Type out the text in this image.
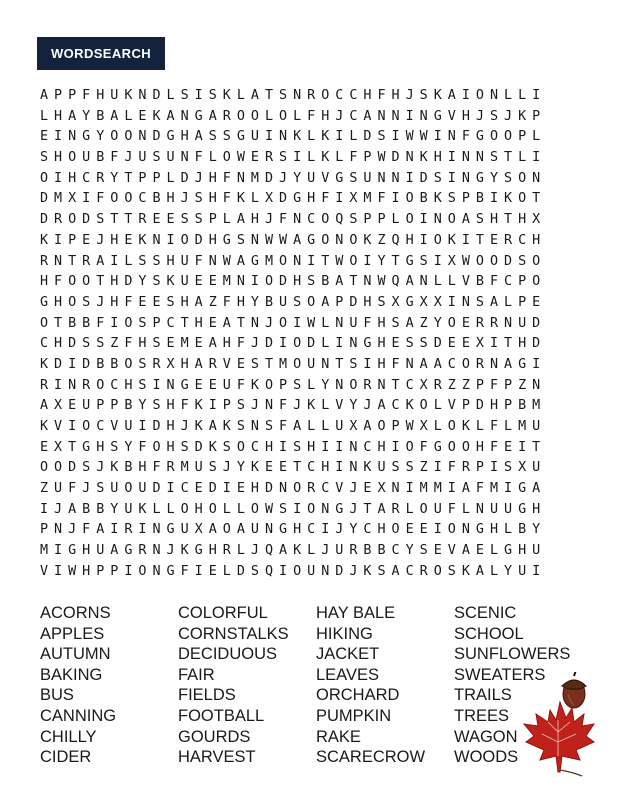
WORDSEARCH
APPFHUKNDLSISKLATSNROCCHFHJSKAIONLLI
LHAYBALEKANGAROOLOLFHJCANNINGVHJSJKP
EINGYOONDGHASSGUINKLKILDSIWWINFGOOPL
SHOUBFJUSUNFLOWERSILKLFPWDNKHINNSTLI
OIHCRYTPPLDJHFNMDJYUVGSUNNIDSINGYSON
DMXIFOOCBHJSHFKLXDGHFIXMFIOBKSPBIKOT
DRODSTTREESSPLAHJFNCOQSPPLOINOASHTHX
KIPEJHEKNIODHGSNWWAGONOKZQHIOKITERCH
RNTRAILSSHUFNWAGMONITWOIYTGSIXWOODSO
HFOOTHDYSKUEEMNIODHSBATNWQANLLVBFCPO
GHOSJHFEESHAZFHYBUSOAPDHSXGXXINSALPE
OTBBFIOSPCTHEATNJOIWLNUFHSAZYOERRNUD
CHDSSZFHSEMEAHFJDIODLINGHESSDEEXITHD
KDIDBBOSRXHARVESTMOUNTSIHFNAACORNAGI
RINROCHSINGEEUFKOPSLYNORNTCXRZZPFPZN
AXEUPPBYSHFKIPSJNFJKLVYJACKOLVPDHPBM
KVIOCVUIDHJKAKSNSFALLUXAOPWXLOKLFLMU
EXTGHSYFOHSDKSOCHISHIINCHIOFGOOHFEIT
OODSJKBHFRMUSJYKEETCHINKUSSZIFRPISXU
ZUFJSUOUDICEDIEHDNORCVJEXNIMMIAFMIGA
IJABBYUKLLOHOLLOWSIONGJTARLOUFLNUUGH
PNJFAIRINGUXAOAUNGHCIJYCHOEEIONGHLBY
MIGHUAGRNJKGHRLJQAKLJURBBCYSEVAELGHU
VIWHPPIONGFIELDSQIOUNDJKSACROSKALYUI
ACORNS
APPLES
AUTUMN
BAKING
BUS
CANNING
CHILLY
CIDER
COLORFUL
CORNSTALKS
DECIDUOUS
FAIR
FIELDS
FOOTBALL
GOURDS
HARVEST
HAY BALE
HIKING
JACKET
LEAVES
ORCHARD
PUMPKIN
RAKE
SCARECROW
SCENIC
SCHOOL
SUNFLOWERS
SWEATERS
TRAILS
TREES
WAGON
WOODS
